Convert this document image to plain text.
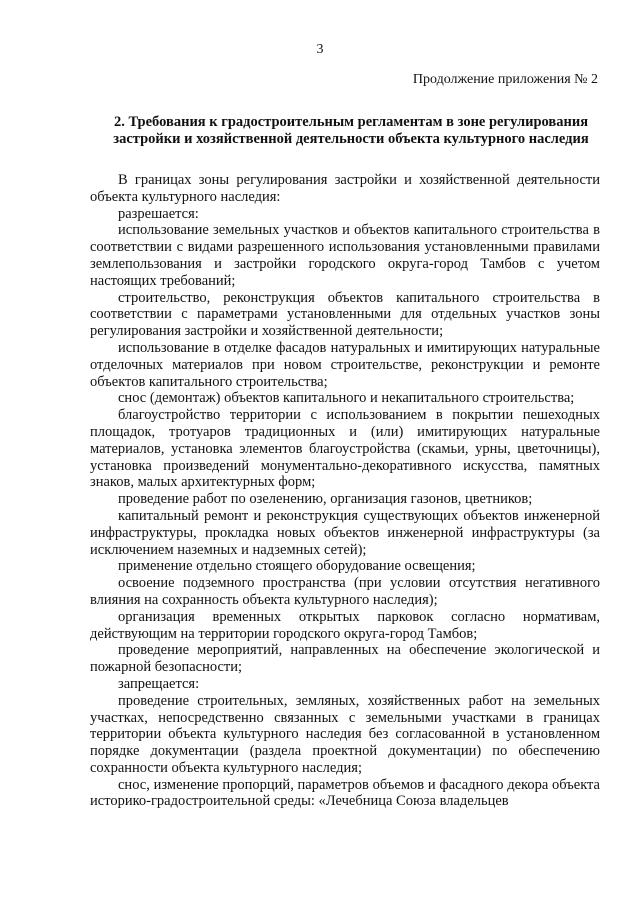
3
Продолжение приложения № 2
2. Требования к градостроительным регламентам в зоне регулирования застройки и хозяйственной деятельности объекта культурного наследия

В границах зоны регулирования застройки и хозяйственной деятельности объекта культурного наследия:

разрешается:

использование земельных участков и объектов капитального строительства в соответствии с видами разрешенного использования установленными правилами землепользования и застройки городского округа-город Тамбов с учетом настоящих требований;

строительство, реконструкция объектов капитального строительства в соответствии с параметрами установленными для отдельных участков зоны регулирования застройки и хозяйственной деятельности;

использование в отделке фасадов натуральных и имитирующих натуральные отделочных материалов при новом строительстве, реконструкции и ремонте объектов капитального строительства;

снос (демонтаж) объектов капитального и некапитального строительства;

благоустройство территории с использованием в покрытии пешеходных площадок, тротуаров традиционных и (или) имитирующих натуральные материалов, установка элементов благоустройства (скамьи, урны, цветочницы), установка произведений монументально-декоративного искусства, памятных знаков, малых архитектурных форм;

проведение работ по озеленению, организация газонов, цветников;

капитальный ремонт и реконструкция существующих объектов инженерной инфраструктуры, прокладка новых объектов инженерной инфраструктуры (за исключением наземных и надземных сетей);

применение отдельно стоящего оборудование освещения;

освоение подземного пространства (при условии отсутствия негативного влияния на сохранность объекта культурного наследия);

организация временных открытых парковок согласно нормативам, действующим на территории городского округа-город Тамбов;

проведение мероприятий, направленных на обеспечение экологической и пожарной безопасности;

запрещается:

проведение строительных, земляных, хозяйственных работ на земельных участках, непосредственно связанных с земельными участками в границах территории объекта культурного наследия без согласованной в установленном порядке документации (раздела проектной документации) по обеспечению сохранности объекта культурного наследия;

снос, изменение пропорций, параметров объемов и фасадного декора объекта историко-градостроительной среды: «Лечебница Союза владельцев
